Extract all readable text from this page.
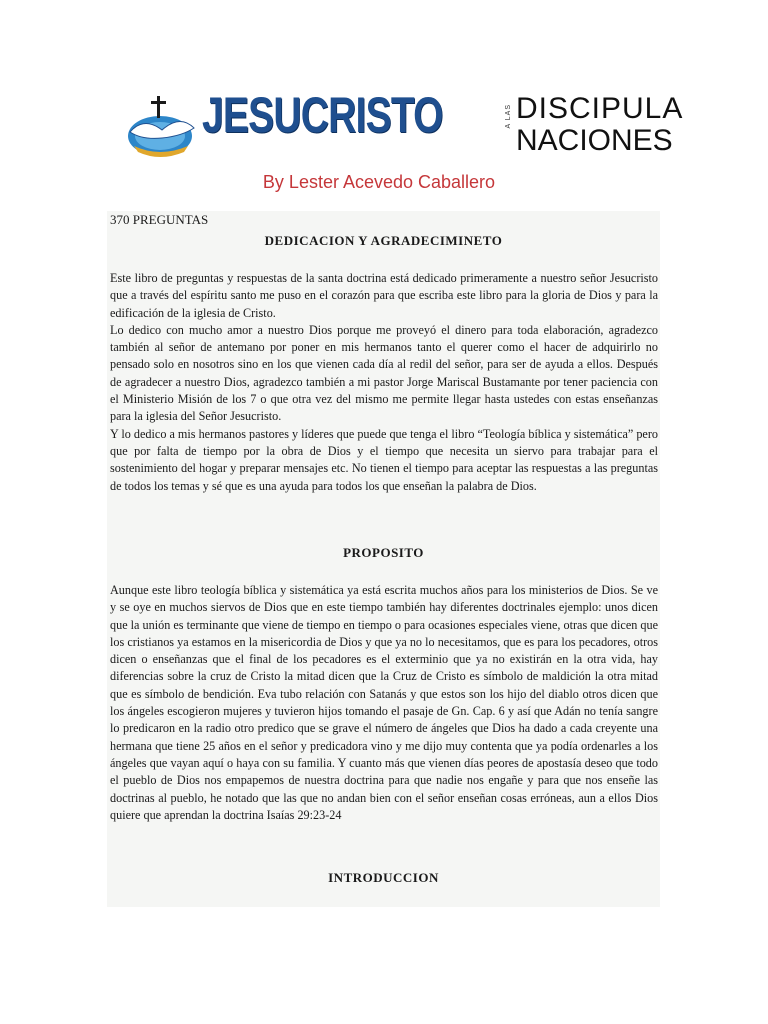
JESUCRISTO	A LAS DISCIPULA
NACIONES
By Lester Acevedo Caballero
370 PREGUNTAS
DEDICACION Y AGRADECIMINETO

Este libro de preguntas y respuestas de la santa doctrina está dedicado primeramente a nuestro señor Jesucristo que a través del espíritu santo me puso en el corazón para que escriba este libro para la gloria de Dios y para la edificación de la iglesia de Cristo.

Lo dedico con mucho amor a nuestro Dios porque me proveyó el dinero para toda elaboración, agradezco también al señor de antemano por poner en mis hermanos tanto el querer como el hacer de adquirirlo no pensado solo en nosotros sino en los que vienen cada día al redil del señor, para ser de ayuda a ellos. Después de agradecer a nuestro Dios, agradezco también a mi pastor Jorge Mariscal Bustamante por tener paciencia con el Ministerio Misión de los 7 o que otra vez del mismo me permite llegar hasta ustedes con estas enseñanzas para la iglesia del Señor Jesucristo.

Y lo dedico a mis hermanos pastores y líderes que puede que tenga el libro “Teología bíblica y sistemática” pero que por falta de tiempo por la obra de Dios y el tiempo que necesita un siervo para trabajar para el sostenimiento del hogar y preparar mensajes etc. No tienen el tiempo para aceptar las respuestas a las preguntas de todos los temas y sé que es una ayuda para todos los que enseñan la palabra de Dios.

PROPOSITO

Aunque este libro teología bíblica y sistemática ya está escrita muchos años para los ministerios de Dios. Se ve y se oye en muchos siervos de Dios que en este tiempo también hay diferentes doctrinales ejemplo: unos dicen que la unión es terminante que viene de tiempo en tiempo o para ocasiones especiales viene, otras que dicen que los cristianos ya estamos en la misericordia de Dios y que ya no lo necesitamos, que es para los pecadores, otros dicen o enseñanzas que el final de los pecadores es el exterminio que ya no existirán en la otra vida, hay diferencias sobre la cruz de Cristo la mitad dicen que la Cruz de Cristo es símbolo de maldición la otra mitad que es símbolo de bendición. Eva tubo relación con Satanás y que estos son los hijo del diablo otros dicen que los ángeles escogieron mujeres y tuvieron hijos tomando el pasaje de Gn. Cap. 6 y así que Adán no tenía sangre lo predicaron en la radio otro predico que se grave el número de ángeles que Dios ha dado a cada creyente una hermana que tiene 25 años en el señor y predicadora vino y me dijo muy contenta que ya podía ordenarles a los ángeles que vayan aquí o haya con su familia. Y cuanto más que vienen días peores de apostasía deseo que todo el pueblo de Dios nos empapemos de nuestra doctrina para que nadie nos engañe y para que nos enseñe las doctrinas al pueblo, he notado que las que no andan bien con el señor enseñan cosas erróneas, aun a ellos Dios quiere que aprendan la doctrina Isaías 29:23-24

INTRODUCCION
